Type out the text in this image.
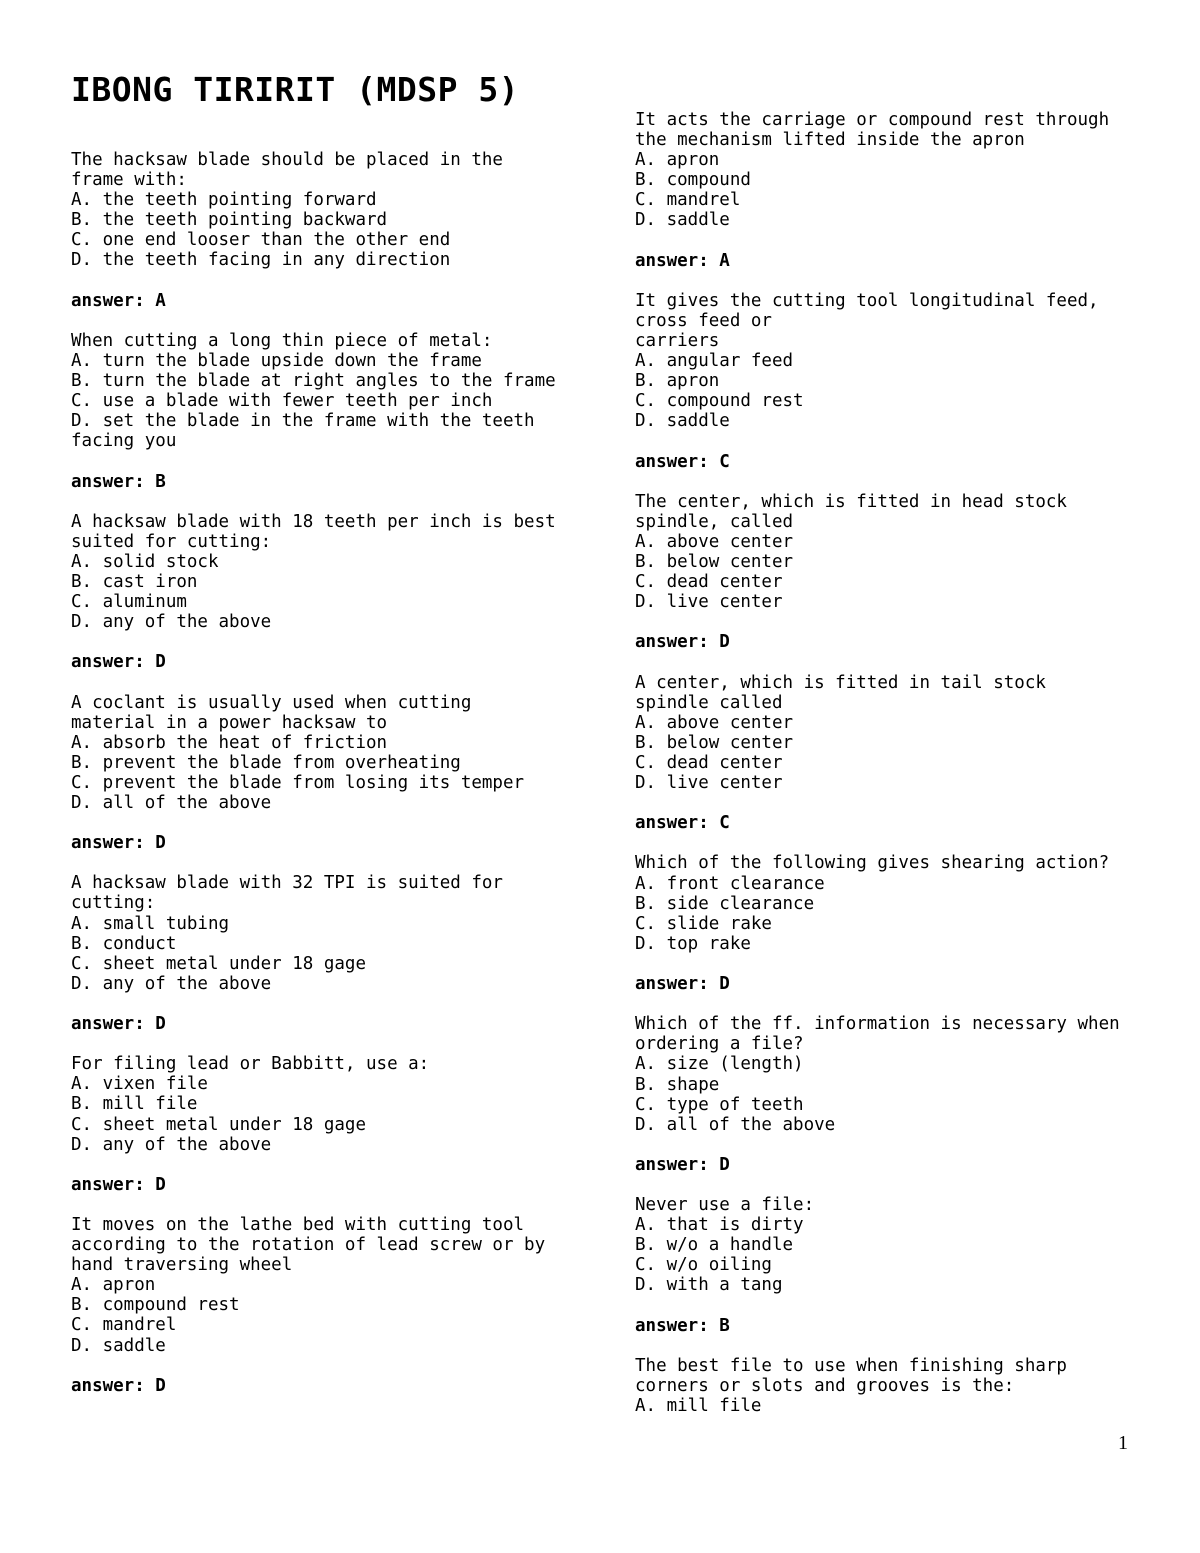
IBONG TIRIRIT (MDSP 5)
The hacksaw blade should be placed in the
frame with:
A. the teeth pointing forward
B. the teeth pointing backward
C. one end looser than the other end
D. the teeth facing in any direction
answer: A
When cutting a long thin piece of metal:
A. turn the blade upside down the frame
B. turn the blade at right angles to the frame
C. use a blade with fewer teeth per inch
D. set the blade in the frame with the teeth
facing you
answer: B
A hacksaw blade with 18 teeth per inch is best
suited for cutting:
A. solid stock
B. cast iron
C. aluminum
D. any of the above
answer: D
A coclant is usually used when cutting
material in a power hacksaw to
A. absorb the heat of friction
B. prevent the blade from overheating
C. prevent the blade from losing its temper
D. all of the above
answer: D
A hacksaw blade with 32 TPI is suited for
cutting:
A. small tubing
B. conduct
C. sheet metal under 18 gage
D. any of the above
answer: D
For filing lead or Babbitt, use a:
A. vixen file
B. mill file
C. sheet metal under 18 gage
D. any of the above
answer: D
It moves on the lathe bed with cutting tool
according to the rotation of lead screw or by
hand traversing wheel
A. apron
B. compound rest
C. mandrel
D. saddle
answer: D
It acts the carriage or compound rest through
the mechanism lifted inside the apron
A. apron
B. compound
C. mandrel
D. saddle
answer: A
It gives the cutting tool longitudinal feed,
cross feed or
carriers
A. angular feed
B. apron
C. compound rest
D. saddle
answer: C
The center, which is fitted in head stock
spindle, called
A. above center
B. below center
C. dead center
D. live center
answer: D
A center, which is fitted in tail stock
spindle called
A. above center
B. below center
C. dead center
D. live center
answer: C
Which of the following gives shearing action?
A. front clearance
B. side clearance
C. slide rake
D. top rake
answer: D
Which of the ff. information is necessary when
ordering a file?
A. size (length)
B. shape
C. type of teeth
D. all of the above
answer: D
Never use a file:
A. that is dirty
B. w/o a handle
C. w/o oiling
D. with a tang
answer: B
The best file to use when finishing sharp
corners or slots and grooves is the:
A. mill file
1
